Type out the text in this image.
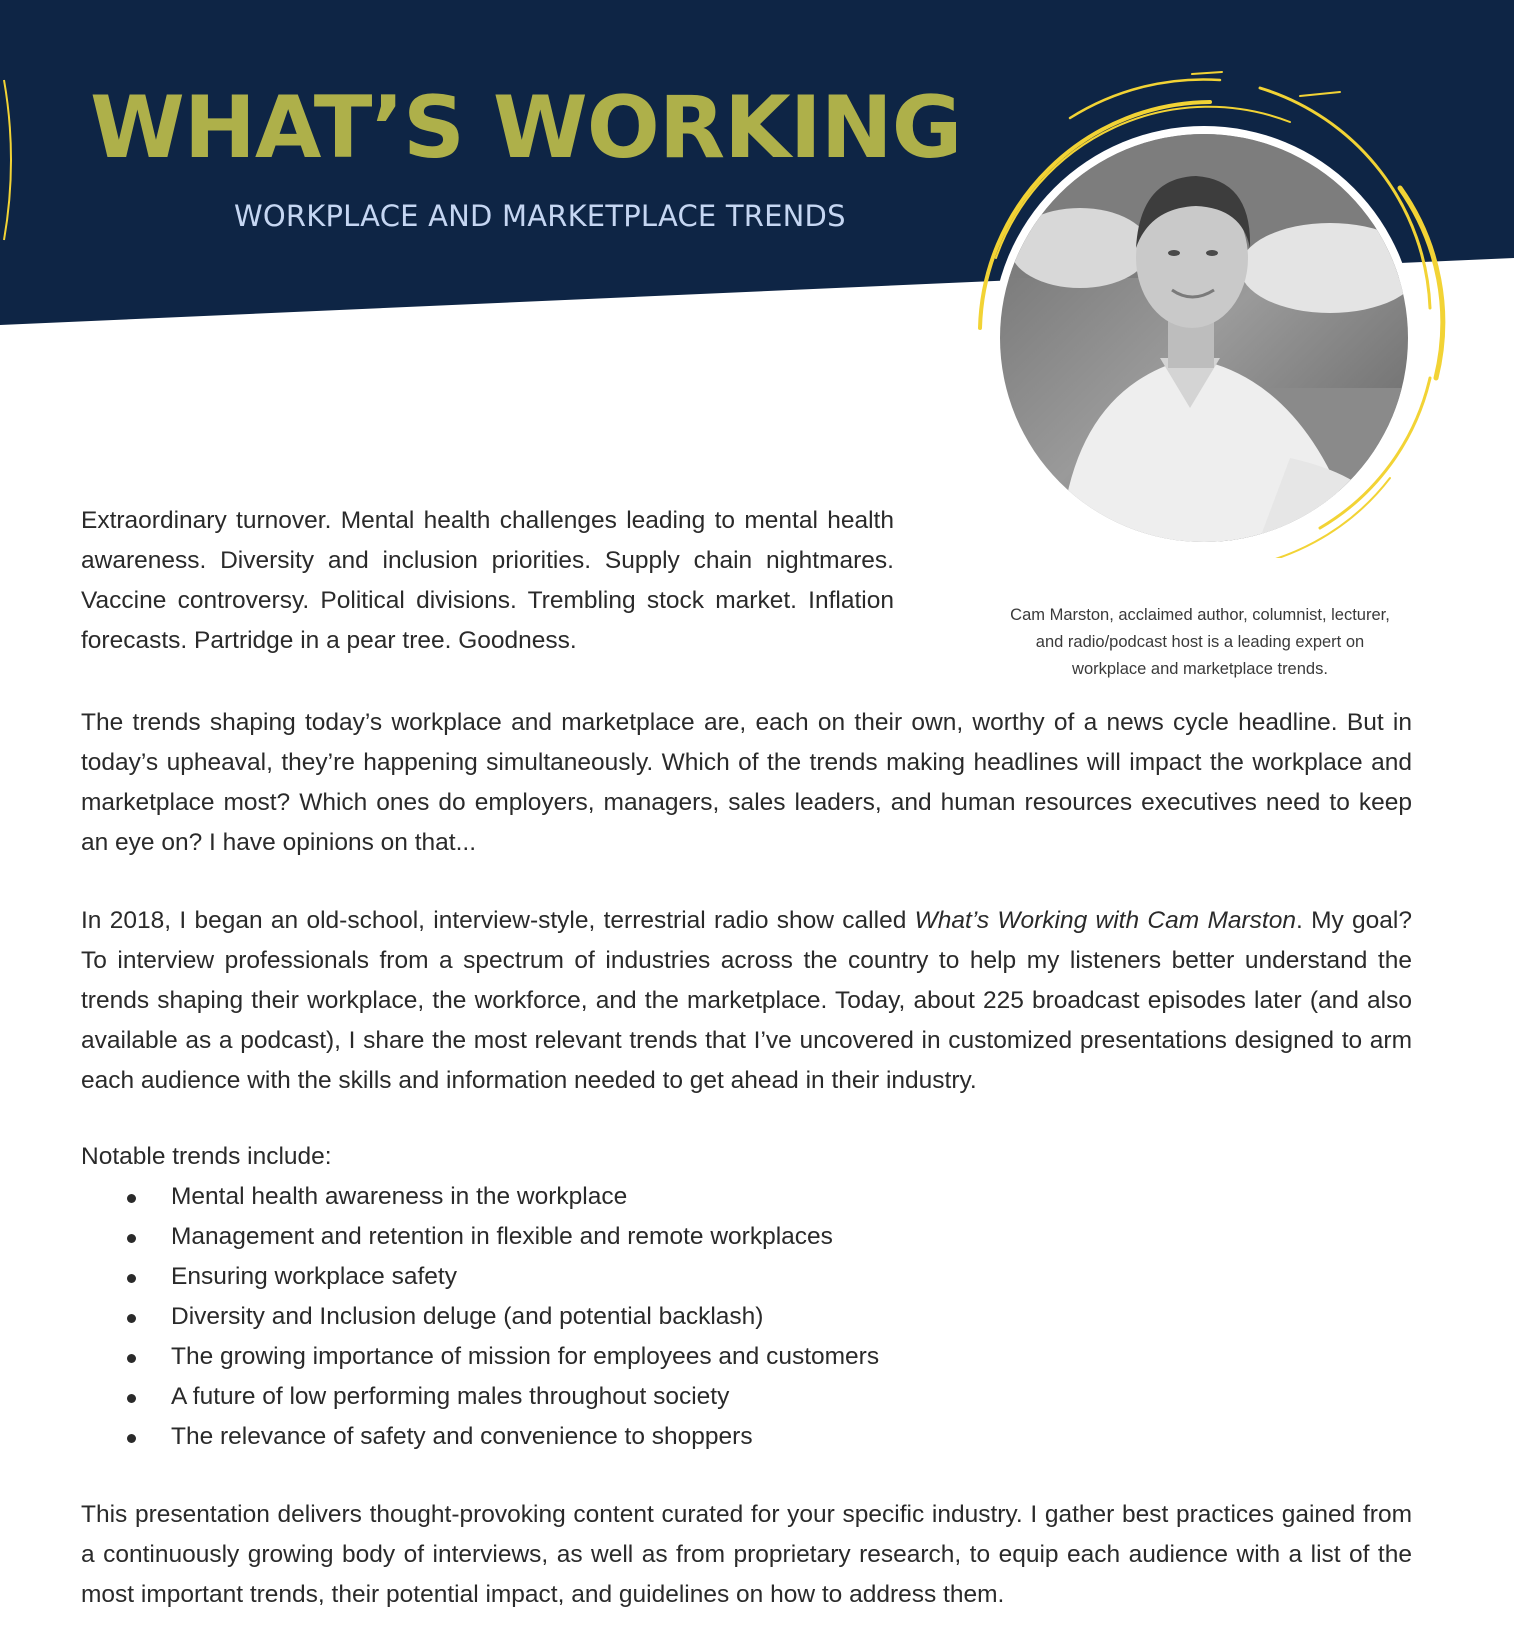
WHAT’S WORKING
WORKPLACE AND MARKETPLACE TRENDS
Cam Marston, acclaimed author, columnist, lecturer, and radio/podcast host is a leading expert on workplace and marketplace trends.

Extraordinary turnover. Mental health challenges leading to mental health awareness. Diversity and inclusion priorities. Supply chain nightmares. Vaccine controversy. Political divisions. Trembling stock market. Inflation forecasts. Partridge in a pear tree. Goodness.

The trends shaping today’s workplace and marketplace are, each on their own, worthy of a news cycle headline. But in today’s upheaval, they’re happening simultaneously. Which of the trends making headlines will impact the workplace and marketplace most? Which ones do employers, managers, sales leaders, and human resources executives need to keep an eye on? I have opinions on that...

In 2018, I began an old-school, interview-style, terrestrial radio show called What’s Working with Cam Marston. My goal? To interview professionals from a spectrum of industries across the country to help my listeners better understand the trends shaping their workplace, the workforce, and the marketplace. Today, about 225 broadcast episodes later (and also available as a podcast), I share the most relevant trends that I’ve uncovered in customized presentations designed to arm each audience with the skills and information needed to get ahead in their industry.

Notable trends include:
Mental health awareness in the workplace
Management and retention in flexible and remote workplaces
Ensuring workplace safety
Diversity and Inclusion deluge (and potential backlash)
The growing importance of mission for employees and customers
A future of low performing males throughout society
The relevance of safety and convenience to shoppers

This presentation delivers thought-provoking content curated for your specific industry. I gather best practices gained from a continuously growing body of interviews, as well as from proprietary research, to equip each audience with a list of the most important trends, their potential impact, and guidelines on how to address them.
